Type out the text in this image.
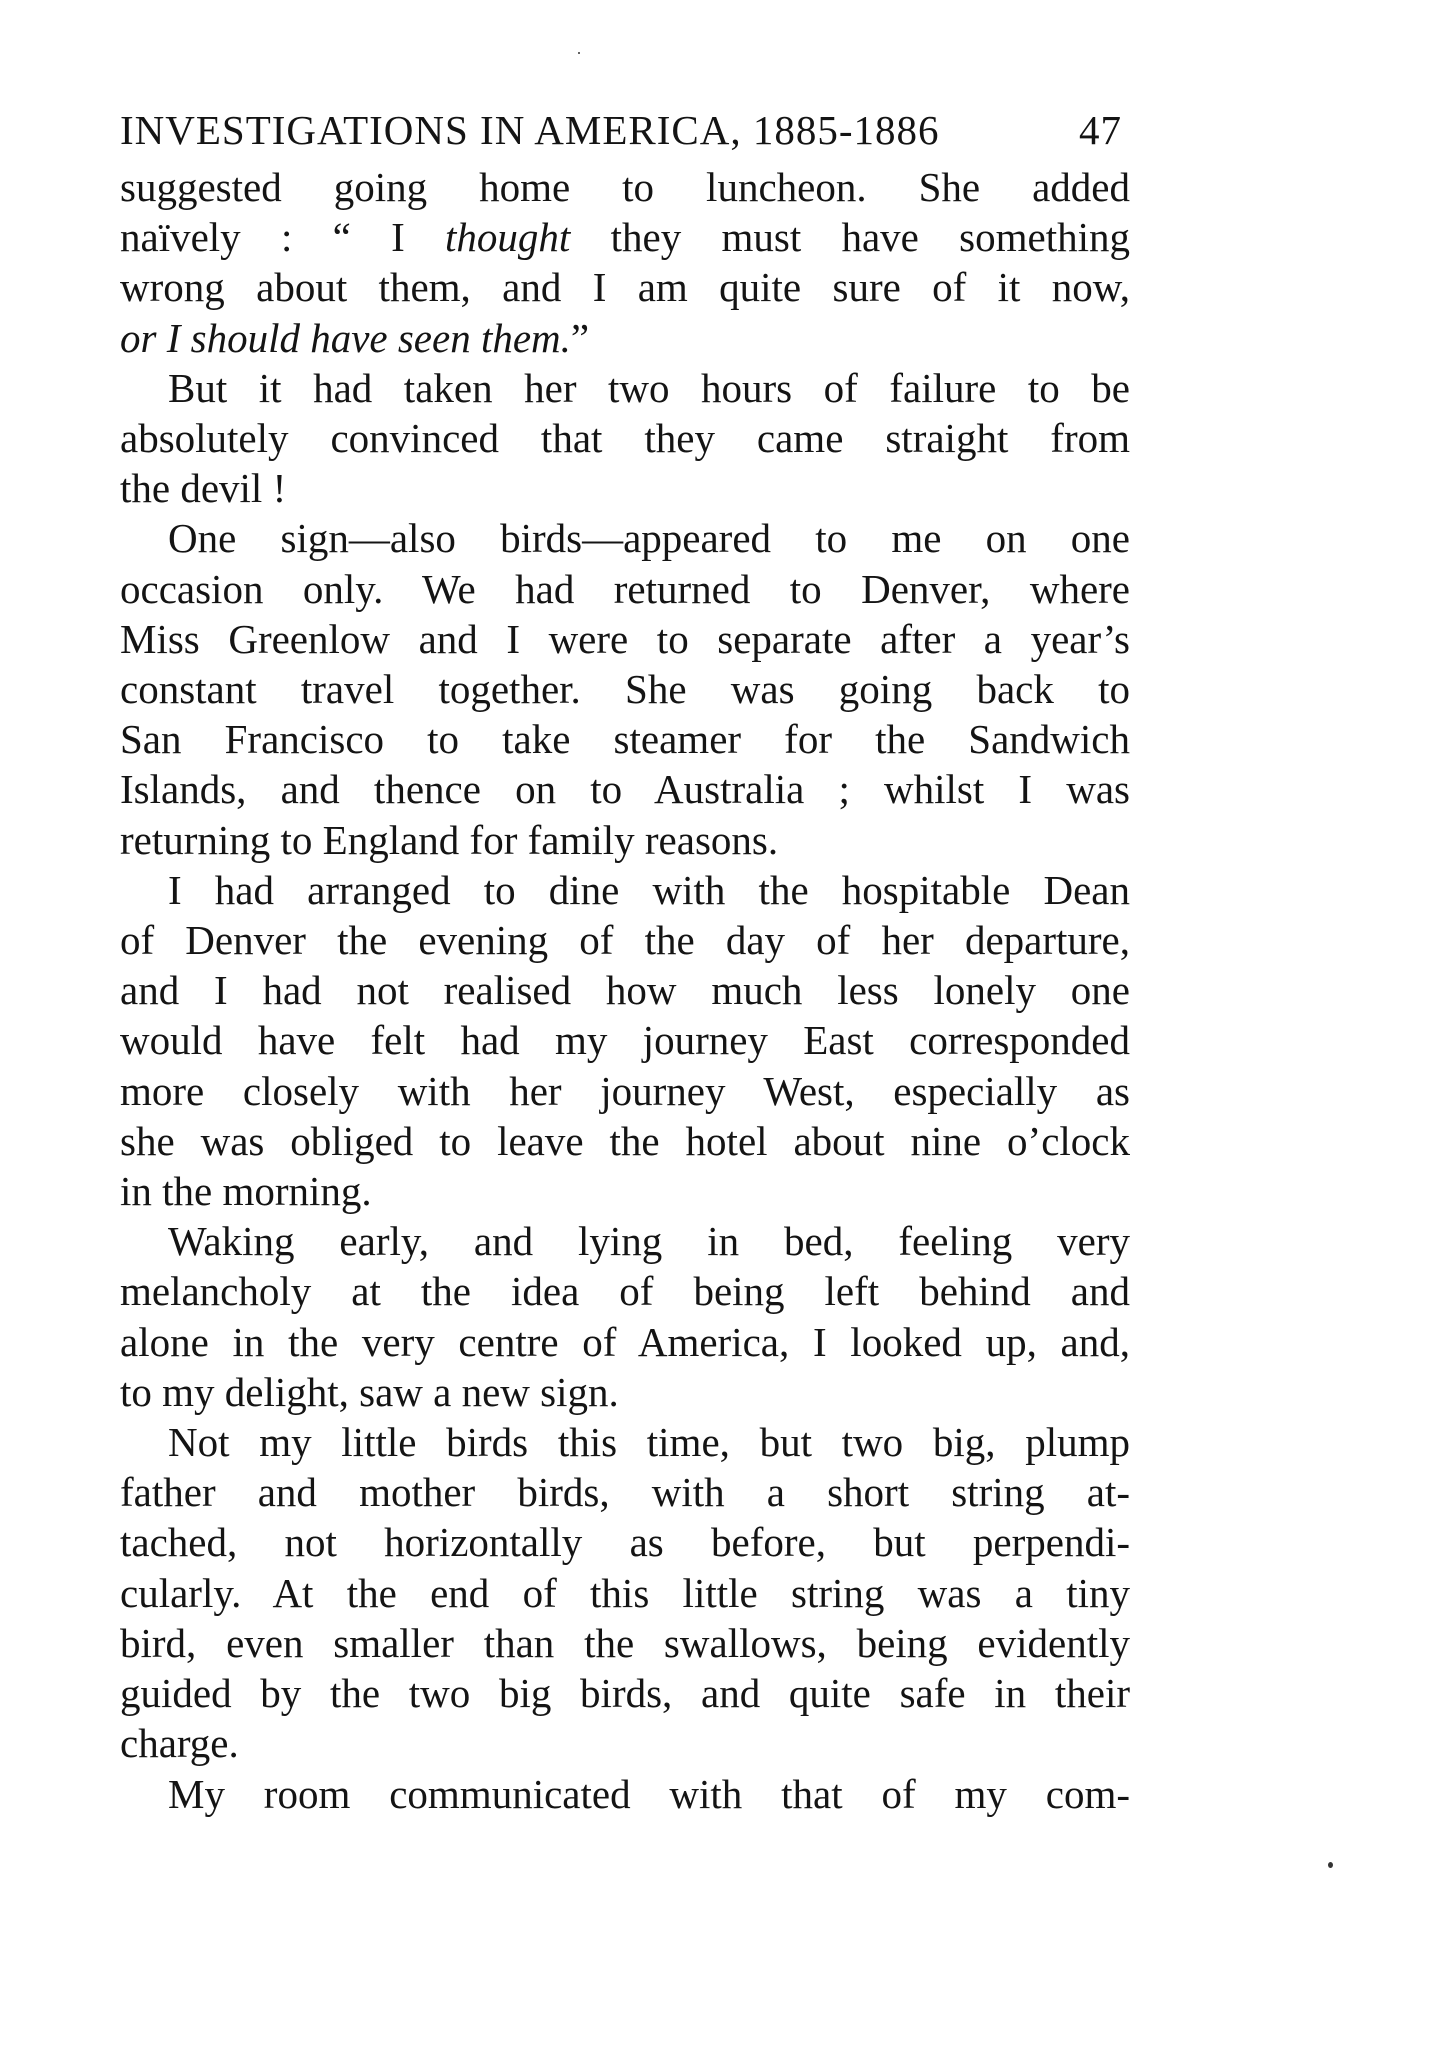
INVESTIGATIONS IN AMERICA, 1885-1886	47
suggested going home to luncheon. She added
naïvely : “ I thought they must have something
wrong about them, and I am quite sure of it now,
or I should have seen them.”
But it had taken her two hours of failure to be
absolutely convinced that they came straight from
the devil !
One sign—also birds—appeared to me on one
occasion only. We had returned to Denver, where
Miss Greenlow and I were to separate after a year’s
constant travel together. She was going back to
San Francisco to take steamer for the Sandwich
Islands, and thence on to Australia ; whilst I was
returning to England for family reasons.
I had arranged to dine with the hospitable Dean
of Denver the evening of the day of her departure,
and I had not realised how much less lonely one
would have felt had my journey East corresponded
more closely with her journey West, especially as
she was obliged to leave the hotel about nine o’clock
in the morning.
Waking early, and lying in bed, feeling very
melancholy at the idea of being left behind and
alone in the very centre of America, I looked up, and,
to my delight, saw a new sign.
Not my little birds this time, but two big, plump
father and mother birds, with a short string at-
tached, not horizontally as before, but perpendi-
cularly. At the end of this little string was a tiny
bird, even smaller than the swallows, being evidently
guided by the two big birds, and quite safe in their
charge.
My room communicated with that of my com-
